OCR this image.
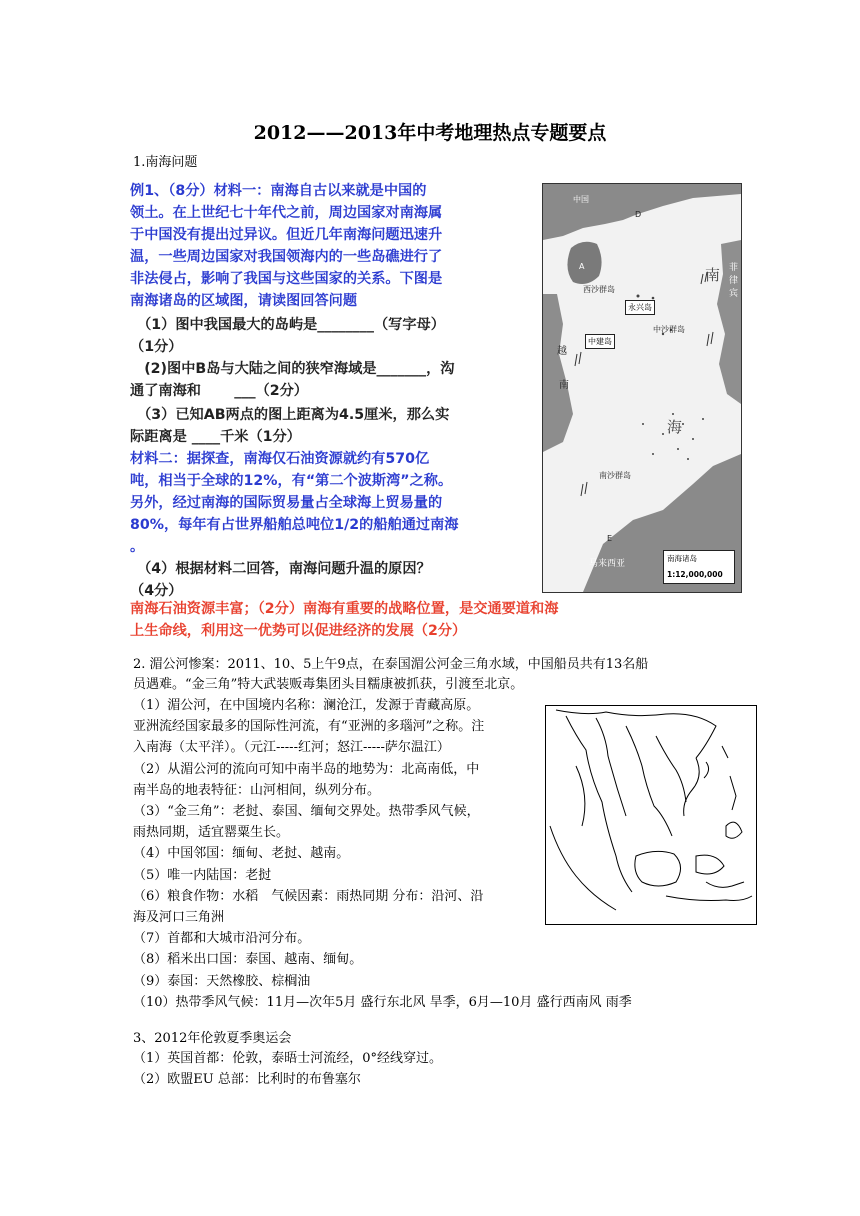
2012——2013年中考地理热点专题要点
1.南海问题
例1、（8分）材料一：南海自古以来就是中国的
领土。在上世纪七十年代之前，周边国家对南海属
于中国没有提出过异议。但近几年南海问题迅速升
温，一些周边国家对我国领海内的一些岛礁进行了
非法侵占，影响了我国与这些国家的关系。下图是
南海诸岛的区域图，请读图回答问题
　（1）图中我国最大的岛屿是________（写字母）
（1分）
　(2)图中B岛与大陆之间的狭窄海域是_______，沟
通了南海和　　 ___（2分）
　（3）已知AB两点的图上距离为4.5厘米，那么实
际距离是 ____千米（1分）
材料二：据探查，南海仅石油资源就约有570亿
吨，相当于全球的12%，有“第二个波斯湾”之称。
另外，经过南海的国际贸易量占全球海上贸易量的
80%，每年有占世界船舶总吨位1/2的船舶通过南海
。
　（4）根据材料二回答，南海问题升温的原因？
（4分）
中国
A
D
西沙群岛
永兴岛
中沙群岛
中建岛
南
海
菲律宾
越
南
南沙群岛
E
马来西亚
南海诸岛
1:12,000,000
南海石油资源丰富；（2分）南海有重要的战略位置，是交通要道和海
上生命线，利用这一优势可以促进经济的发展（2分）
2. 湄公河惨案：2011、10、5上午9点，在泰国湄公河金三角水域，中国船员共有13名船
员遇难。“金三角”特大武装贩毒集团头目糯康被抓获，引渡至北京。
（1）湄公河，在中国境内名称：澜沧江，发源于青藏高原。
亚洲流经国家最多的国际性河流，有“亚洲的多瑙河”之称。注
入南海（太平洋）。（元江-----红河；怒江-----萨尔温江）
（2）从湄公河的流向可知中南半岛的地势为：北高南低，中
南半岛的地表特征：山河相间，纵列分布。
（3）“金三角”：老挝、泰国、缅甸交界处。热带季风气候，
雨热同期，适宜罂粟生长。
（4）中国邻国：缅甸、老挝、越南。
（5）唯一内陆国：老挝
（6）粮食作物：水稻　气候因素：雨热同期 分布：沿河、沿
海及河口三角洲
（7）首都和大城市沿河分布。
（8）稻米出口国：泰国、越南、缅甸。
（9）泰国：天然橡胶、棕榈油
（10）热带季风气候：11月—次年5月 盛行东北风 旱季，6月—10月 盛行西南风 雨季
3、2012年伦敦夏季奥运会
（1）英国首都：伦敦，泰晤士河流经，0°经线穿过。
（2）欧盟EU 总部：比利时的布鲁塞尔
